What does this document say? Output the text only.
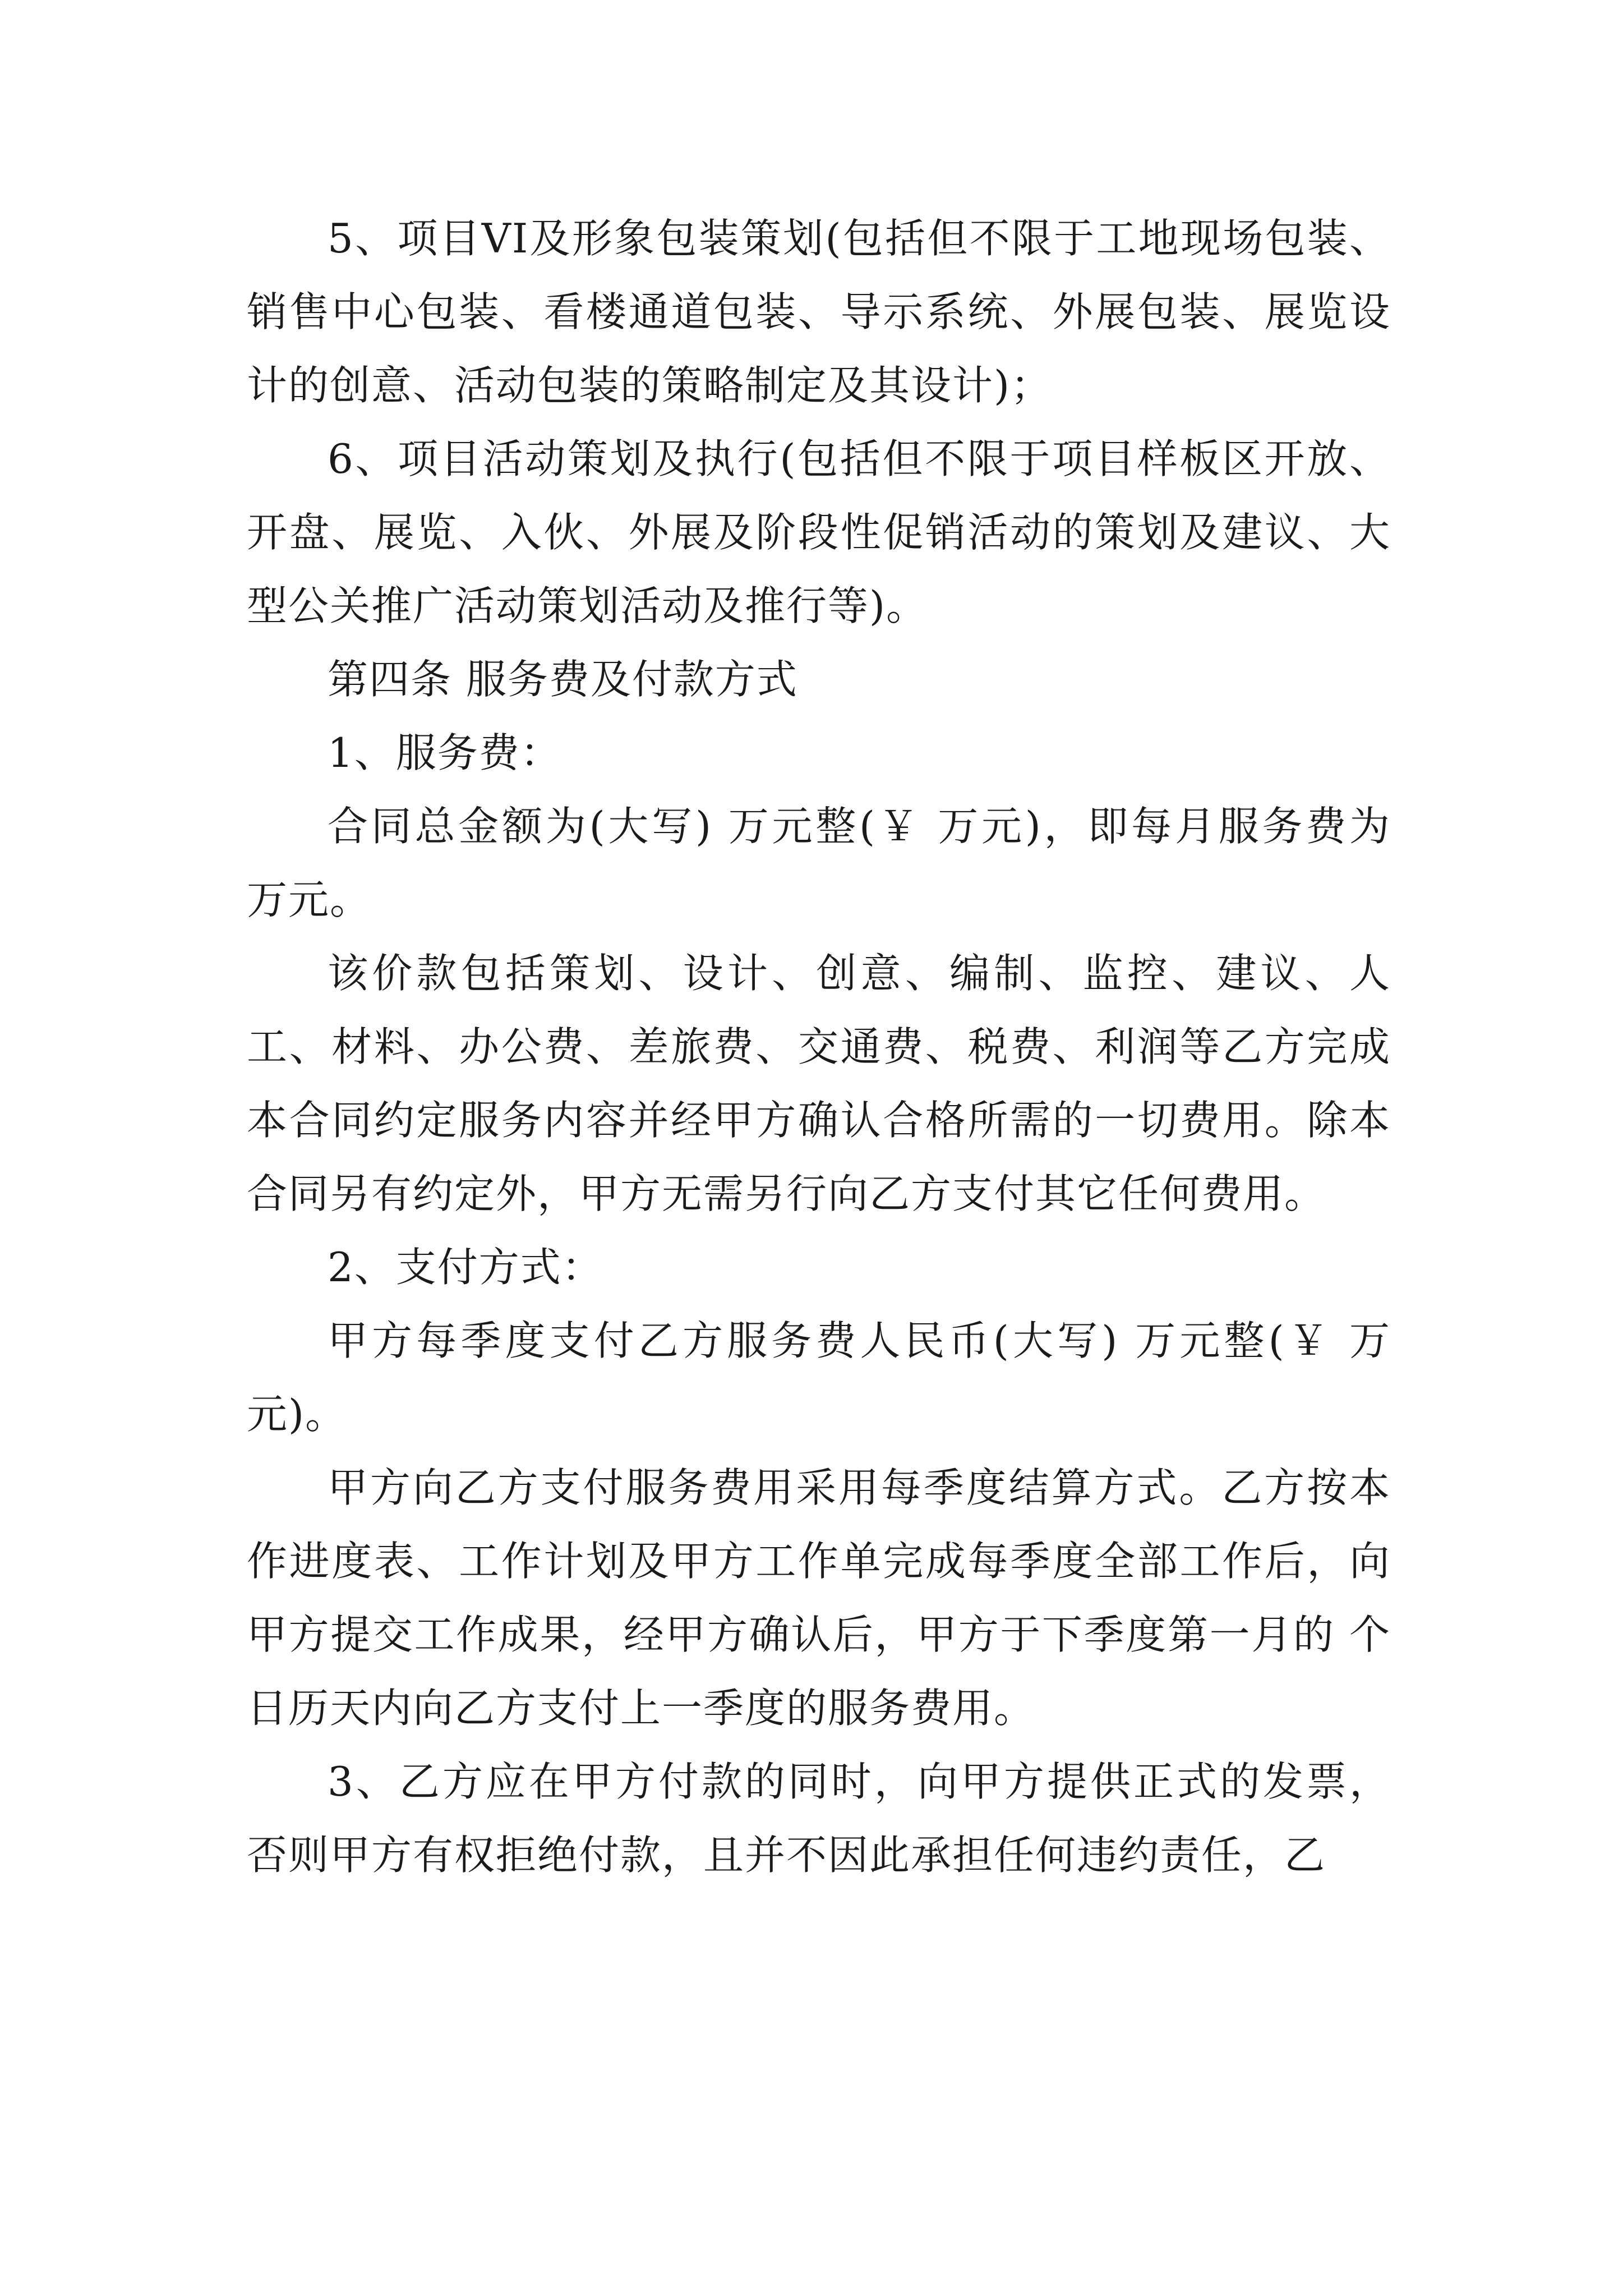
5、项目VI及形象包装策划(包括但不限于工地现场包装、销售中心包装、看楼通道包装、导示系统、外展包装、展览设计的创意、活动包装的策略制定及其设计)；

6、项目活动策划及执行(包括但不限于项目样板区开放、开盘、展览、入伙、外展及阶段性促销活动的策划及建议、大型公关推广活动策划活动及推行等)。

第四条 服务费及付款方式

1、服务费：

合同总金额为(大写) 万元整(￥ 万元)，即每月服务费为 万元。

该价款包括策划、设计、创意、编制、监控、建议、人工、材料、办公费、差旅费、交通费、税费、利润等乙方完成本合同约定服务内容并经甲方确认合格所需的一切费用。除本合同另有约定外，甲方无需另行向乙方支付其它任何费用。

2、支付方式：

甲方每季度支付乙方服务费人民币(大写) 万元整(￥ 万元)。

甲方向乙方支付服务费用采用每季度结算方式。乙方按本作进度表、工作计划及甲方工作单完成每季度全部工作后，向甲方提交工作成果，经甲方确认后，甲方于下季度第一月的 个日历天内向乙方支付上一季度的服务费用。

3、乙方应在甲方付款的同时，向甲方提供正式的发票，否则甲方有权拒绝付款，且并不因此承担任何违约责任，乙
